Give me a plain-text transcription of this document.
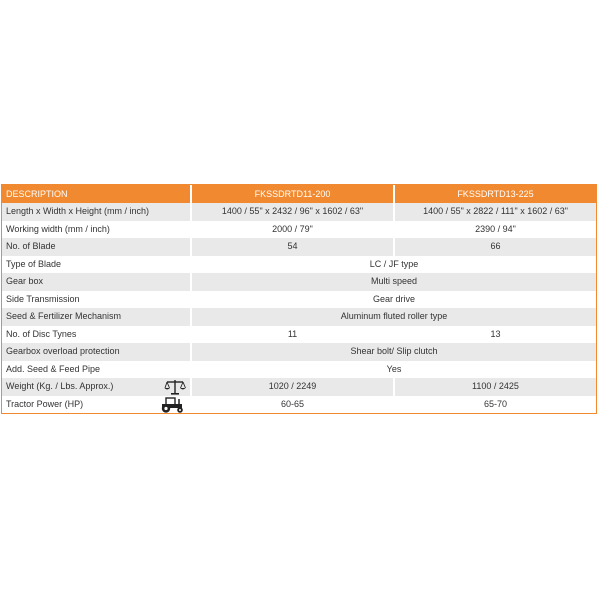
DESCRIPTION	FKSSDRTD11-200	FKSSDRTD13-225
Length x Width x Height (mm / inch)	1400 / 55" x 2432 / 96" x 1602 / 63"	1400 / 55" x 2822 / 111" x 1602 / 63"
Working width (mm / inch)	2000 / 79"	2390 / 94"
No. of Blade	54	66
Type of Blade	LC / JF type	
Gear box	Multi speed	
Side Transmission	Gear drive	
Seed & Fertilizer Mechanism	Aluminum fluted roller type	
No. of Disc Tynes	11	13
Gearbox overload protection	Shear bolt/ Slip clutch	
Add. Seed & Feed Pipe	Yes	
Weight (Kg. / Lbs. Approx.)	1020 / 2249	1100 / 2425
Tractor Power (HP)	60-65	65-70
